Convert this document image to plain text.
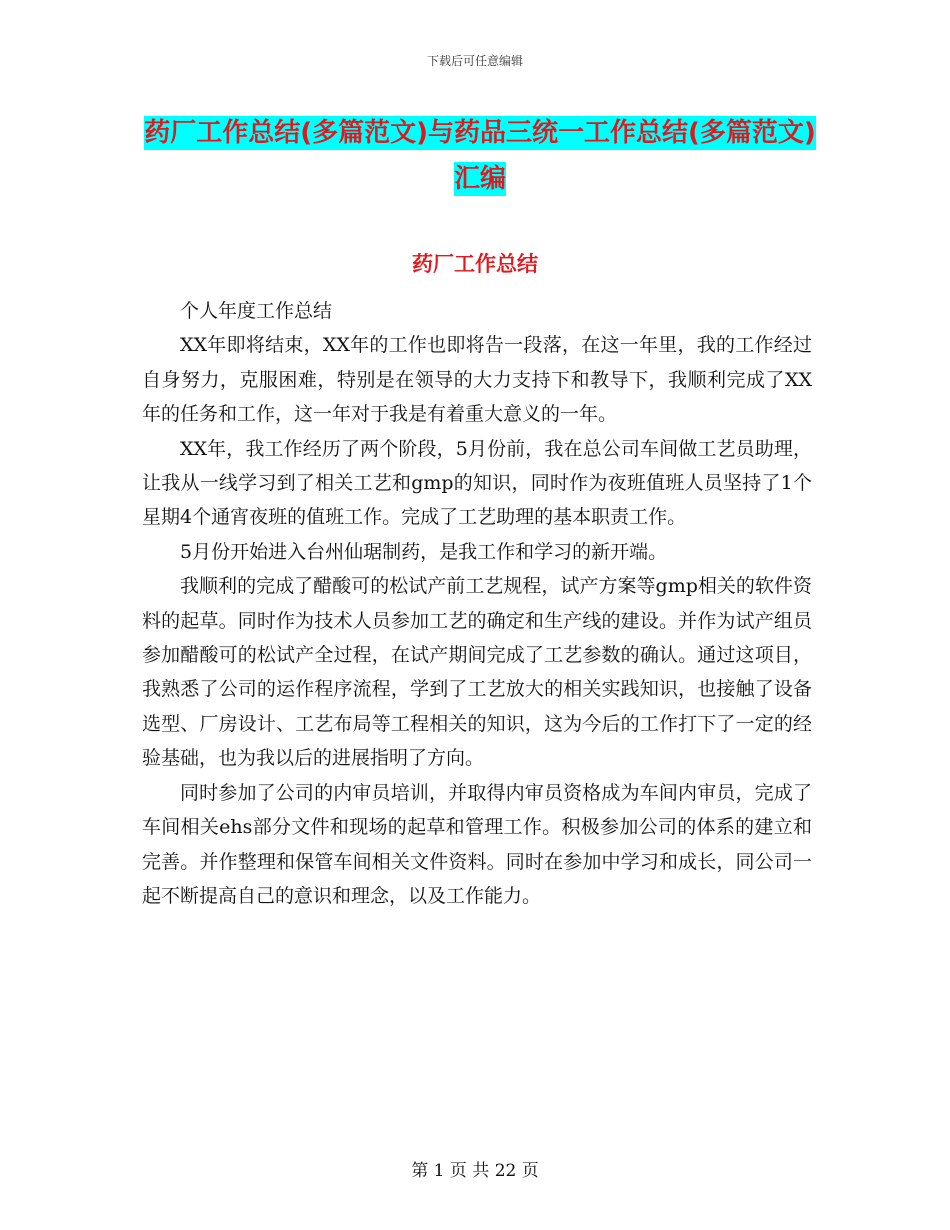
下载后可任意编辑
药厂工作总结(多篇范文)与药品三统一工作总结(多篇范文)汇编
药厂工作总结

个人年度工作总结

XX年即将结束，XX年的工作也即将告一段落，在这一年里，我的工作经过自身努力，克服困难，特别是在领导的大力支持下和教导下，我顺利完成了XX年的任务和工作，这一年对于我是有着重大意义的一年。

XX年，我工作经历了两个阶段，5月份前，我在总公司车间做工艺员助理，让我从一线学习到了相关工艺和gmp的知识，同时作为夜班值班人员坚持了1个星期4个通宵夜班的值班工作。完成了工艺助理的基本职责工作。

5月份开始进入台州仙琚制药，是我工作和学习的新开端。

我顺利的完成了醋酸可的松试产前工艺规程，试产方案等gmp相关的软件资料的起草。同时作为技术人员参加工艺的确定和生产线的建设。并作为试产组员参加醋酸可的松试产全过程，在试产期间完成了工艺参数的确认。通过这项目，我熟悉了公司的运作程序流程，学到了工艺放大的相关实践知识，也接触了设备选型、厂房设计、工艺布局等工程相关的知识，这为今后的工作打下了一定的经验基础，也为我以后的进展指明了方向。

同时参加了公司的内审员培训，并取得内审员资格成为车间内审员，完成了车间相关ehs部分文件和现场的起草和管理工作。积极参加公司的体系的建立和完善。并作整理和保管车间相关文件资料。同时在参加中学习和成长，同公司一起不断提高自己的意识和理念，以及工作能力。

第 1 页 共 22 页
